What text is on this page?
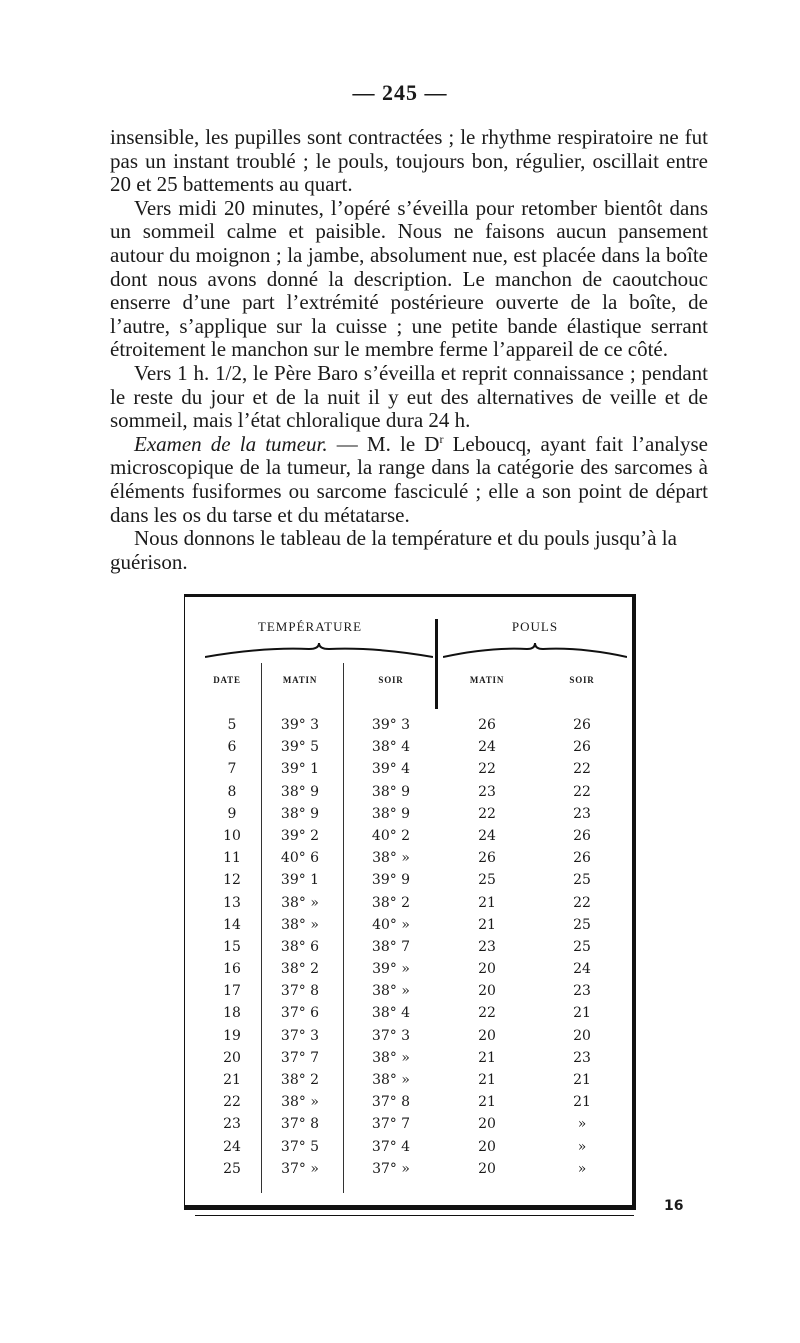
— 245 —

insensible, les pupilles sont contractées ; le rhythme respiratoire ne fut pas un instant troublé ; le pouls, toujours bon, régulier, oscillait entre 20 et 25 battements au quart.

Vers midi 20 minutes, l’opéré s’éveilla pour retomber bientôt dans un sommeil calme et paisible. Nous ne faisons aucun pansement autour du moignon ; la jambe, absolument nue, est placée dans la boîte dont nous avons donné la description. Le manchon de caoutchouc enserre d’une part l’extrémité postérieure ouverte de la boîte, de l’autre, s’applique sur la cuisse ; une petite bande élastique serrant étroitement le manchon sur le membre ferme l’appareil de ce côté.

Vers 1 h. 1/2, le Père Baro s’éveilla et reprit connaissance ; pendant le reste du jour et de la nuit il y eut des alternatives de veille et de sommeil, mais l’état chloralique dura 24 h.

Examen de la tumeur. — M. le $D^r$ Leboucq, ayant fait l’analyse microscopique de la tumeur, la range dans la catégorie des sarcomes à éléments fusiformes ou sarcome fasciculé ; elle a son point de départ dans les os du tarse et du métatarse.

Nous donnons le tableau de la température et du pouls jusqu’à la guérison.

TEMPÉRATURE	POULS
DATE	MATIN	SOIR	MATIN	SOIR
5	39° 3	39° 3	26	26
6	39° 5	38° 4	24	26
7	39° 1	39° 4	22	22
8	38° 9	38° 9	23	22
9	38° 9	38° 9	22	23
10	39° 2	40° 2	24	26
11	40° 6	38° »	26	26
12	39° 1	39° 9	25	25
13	38° »	38° 2	21	22
14	38° »	40° »	21	25
15	38° 6	38° 7	23	25
16	38° 2	39° »	20	24
17	37° 8	38° »	20	23
18	37° 6	38° 4	22	21
19	37° 3	37° 3	20	20
20	37° 7	38° »	21	23
21	38° 2	38° »	21	21
22	38° »	37° 8	21	21
23	37° 8	37° 7	20	»
24	37° 5	37° 4	20	»
25	37° »	37° »	20	»
16
